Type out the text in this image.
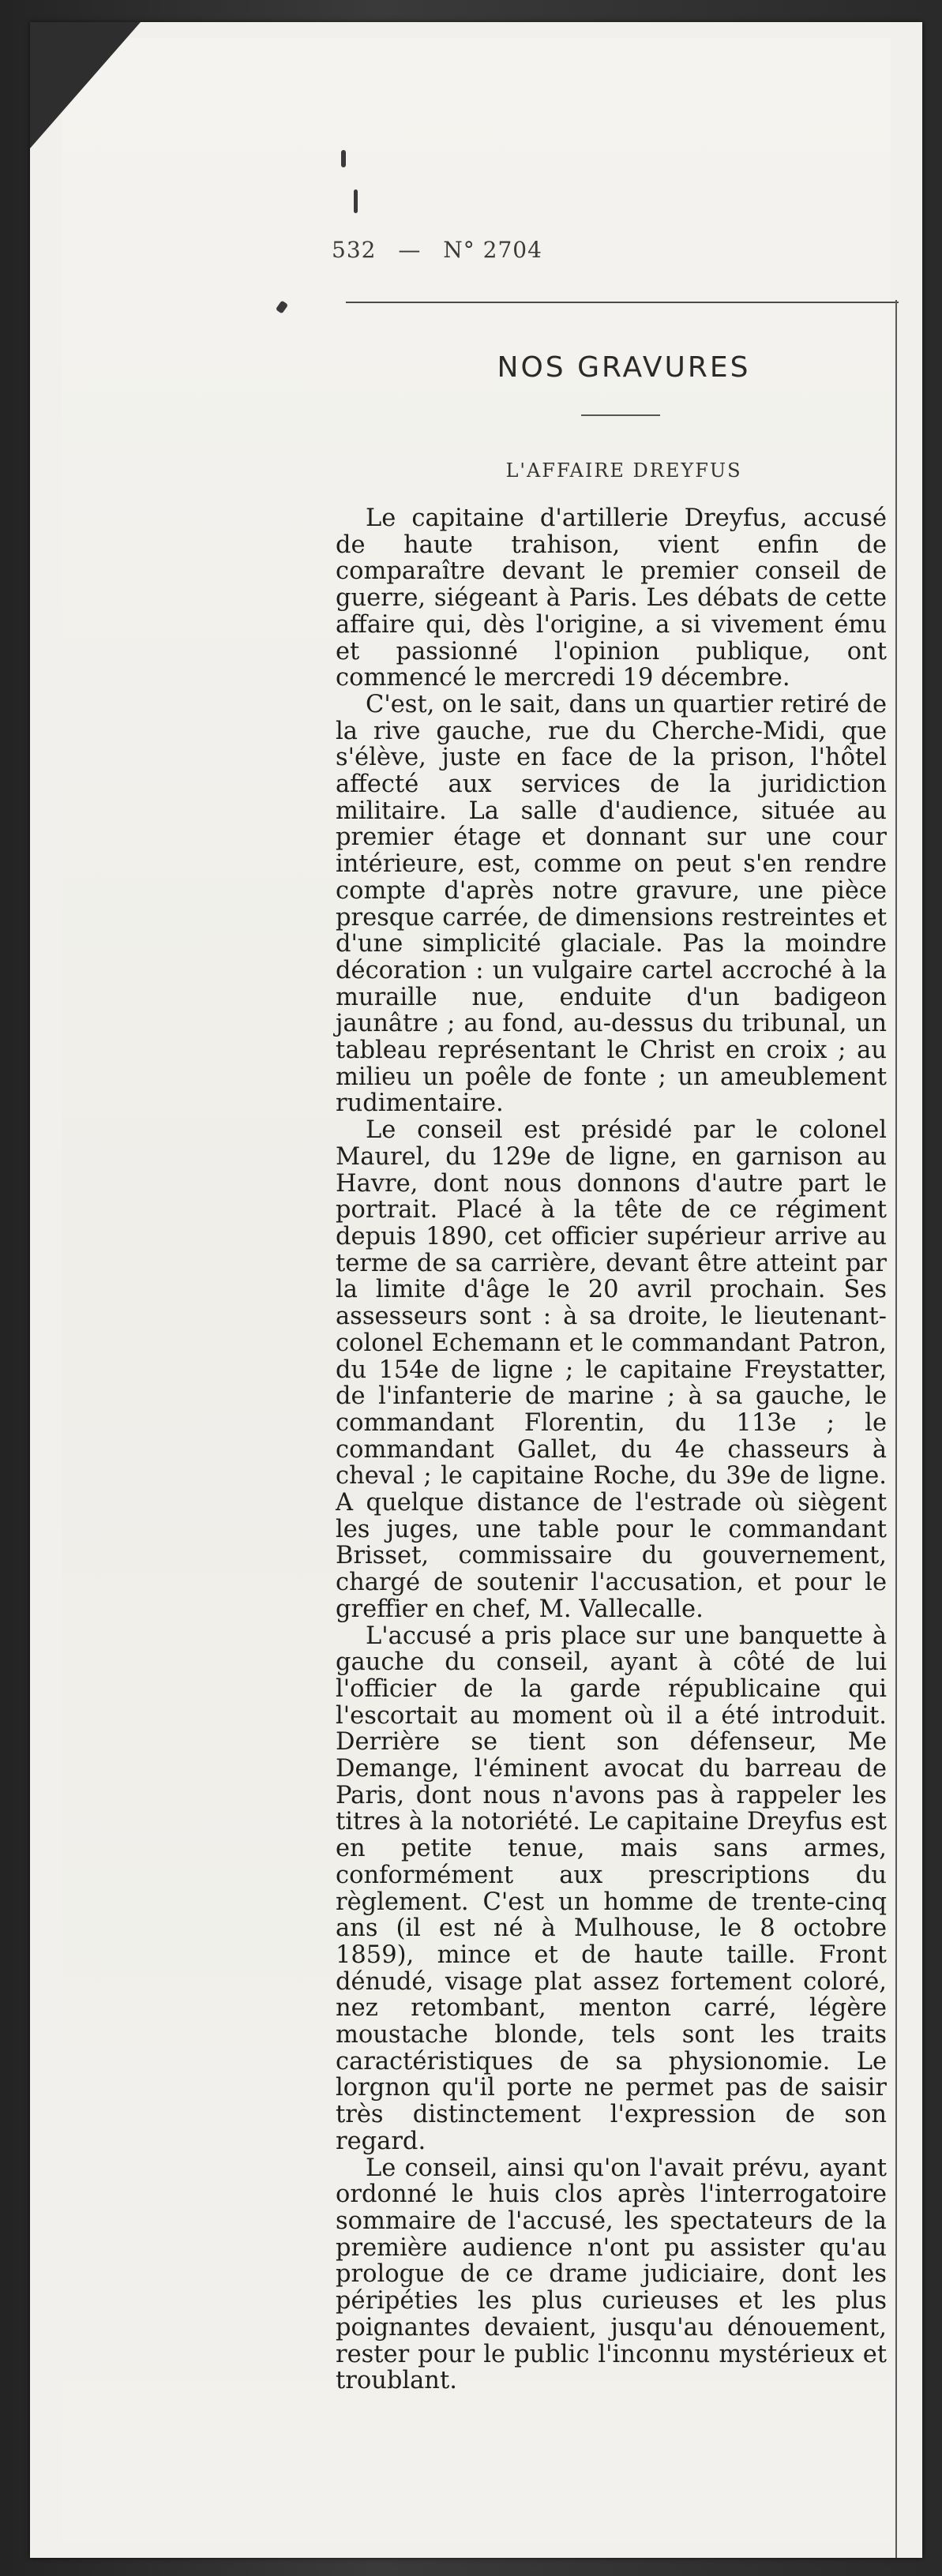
532 — N° 2704
NOS GRAVURES
L'AFFAIRE DREYFUS

Le capitaine d'artillerie Dreyfus, accusé de haute trahison, vient enfin de comparaître devant le premier conseil de guerre, siégeant à Paris. Les débats de cette affaire qui, dès l'origine, a si vivement ému et passionné l'opinion publique, ont commencé le mercredi 19 décembre.

C'est, on le sait, dans un quartier retiré de la rive gauche, rue du Cherche-Midi, que s'élève, juste en face de la prison, l'hôtel affecté aux services de la juridiction militaire. La salle d'audience, située au premier étage et donnant sur une cour intérieure, est, comme on peut s'en rendre compte d'après notre gravure, une pièce presque carrée, de dimensions restreintes et d'une simplicité glaciale. Pas la moindre décoration : un vulgaire cartel accroché à la muraille nue, enduite d'un badigeon jaunâtre ; au fond, au-dessus du tribunal, un tableau représentant le Christ en croix ; au milieu un poêle de fonte ; un ameublement rudimentaire.

Le conseil est présidé par le colonel Maurel, du 129e de ligne, en garnison au Havre, dont nous donnons d'autre part le portrait. Placé à la tête de ce régiment depuis 1890, cet officier supérieur arrive au terme de sa carrière, devant être atteint par la limite d'âge le 20 avril prochain. Ses assesseurs sont : à sa droite, le lieutenant-colonel Echemann et le commandant Patron, du 154e de ligne ; le capitaine Freystatter, de l'infanterie de marine ; à sa gauche, le commandant Florentin, du 113e ; le commandant Gallet, du 4e chasseurs à cheval ; le capitaine Roche, du 39e de ligne. A quelque distance de l'estrade où siègent les juges, une table pour le commandant Brisset, commissaire du gouvernement, chargé de soutenir l'accusation, et pour le greffier en chef, M. Vallecalle.

L'accusé a pris place sur une banquette à gauche du conseil, ayant à côté de lui l'officier de la garde républicaine qui l'escortait au moment où il a été introduit. Derrière se tient son défenseur, Me Demange, l'éminent avocat du barreau de Paris, dont nous n'avons pas à rappeler les titres à la notoriété. Le capitaine Dreyfus est en petite tenue, mais sans armes, conformément aux prescriptions du règlement. C'est un homme de trente-cinq ans (il est né à Mulhouse, le 8 octobre 1859), mince et de haute taille. Front dénudé, visage plat assez fortement coloré, nez retombant, menton carré, légère moustache blonde, tels sont les traits caractéristiques de sa physionomie. Le lorgnon qu'il porte ne permet pas de saisir très distinctement l'expression de son regard.

Le conseil, ainsi qu'on l'avait prévu, ayant ordonné le huis clos après l'interrogatoire sommaire de l'accusé, les spectateurs de la première audience n'ont pu assister qu'au prologue de ce drame judiciaire, dont les péripéties les plus curieuses et les plus poignantes devaient, jusqu'au dénouement, rester pour le public l'inconnu mystérieux et troublant.
